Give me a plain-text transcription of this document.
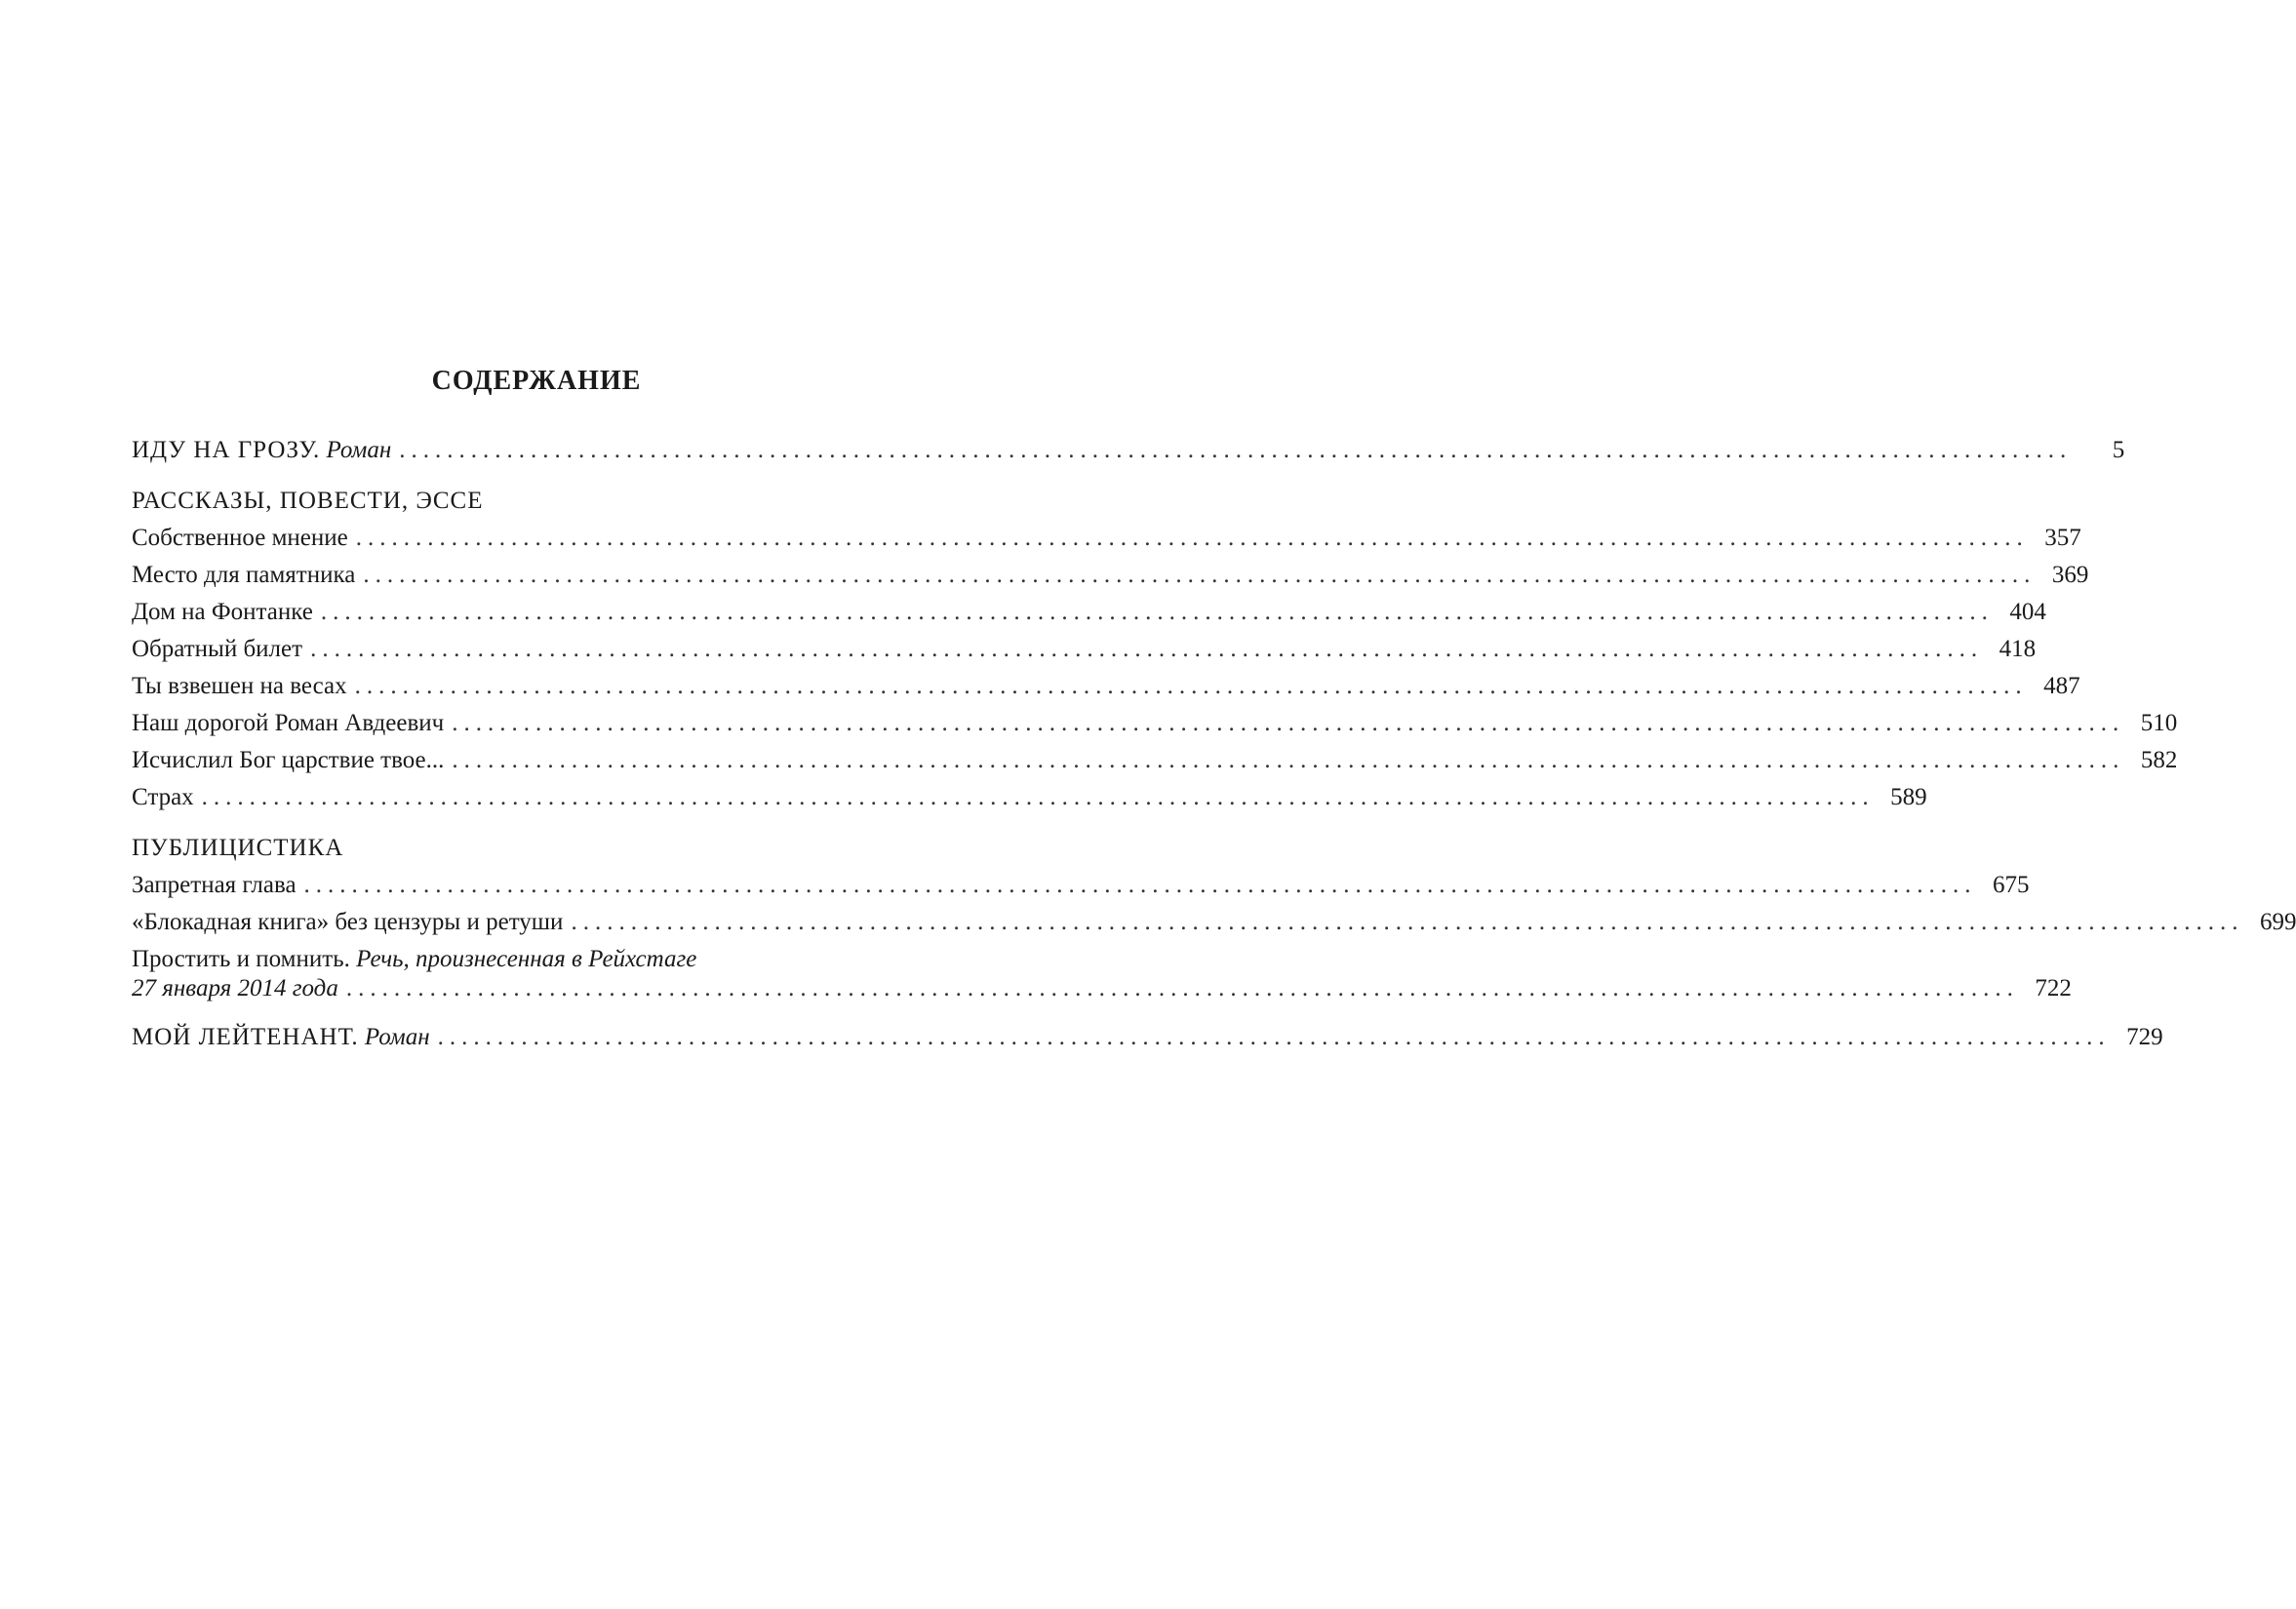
СОДЕРЖАНИЕ
ИДУ НА ГРОЗУ. Роман ............................................................................................................................................	5
РАССКАЗЫ, ПОВЕСТИ, ЭССЕ
Собственное мнение ............................................................................................................................................ 357
Место для памятника ............................................................................................................................................ 369
Дом на Фонтанке ............................................................................................................................................ 404
Обратный билет ............................................................................................................................................ 418
Ты взвешен на весах ............................................................................................................................................ 487
Наш дорогой Роман Авдеевич ............................................................................................................................................ 510
Исчислил Бог царствие твое... ............................................................................................................................................ 582
Страх ............................................................................................................................................ 589
ПУБЛИЦИСТИКА
Запретная глава ............................................................................................................................................ 675
«Блокадная книга» без цензуры и ретуши ............................................................................................................................................ 699
Простить и помнить. Речь, произнесенная в Рейхстаге
27 января 2014 года ............................................................................................................................................ 722
МОЙ ЛЕЙТЕНАНТ. Роман ............................................................................................................................................ 729
